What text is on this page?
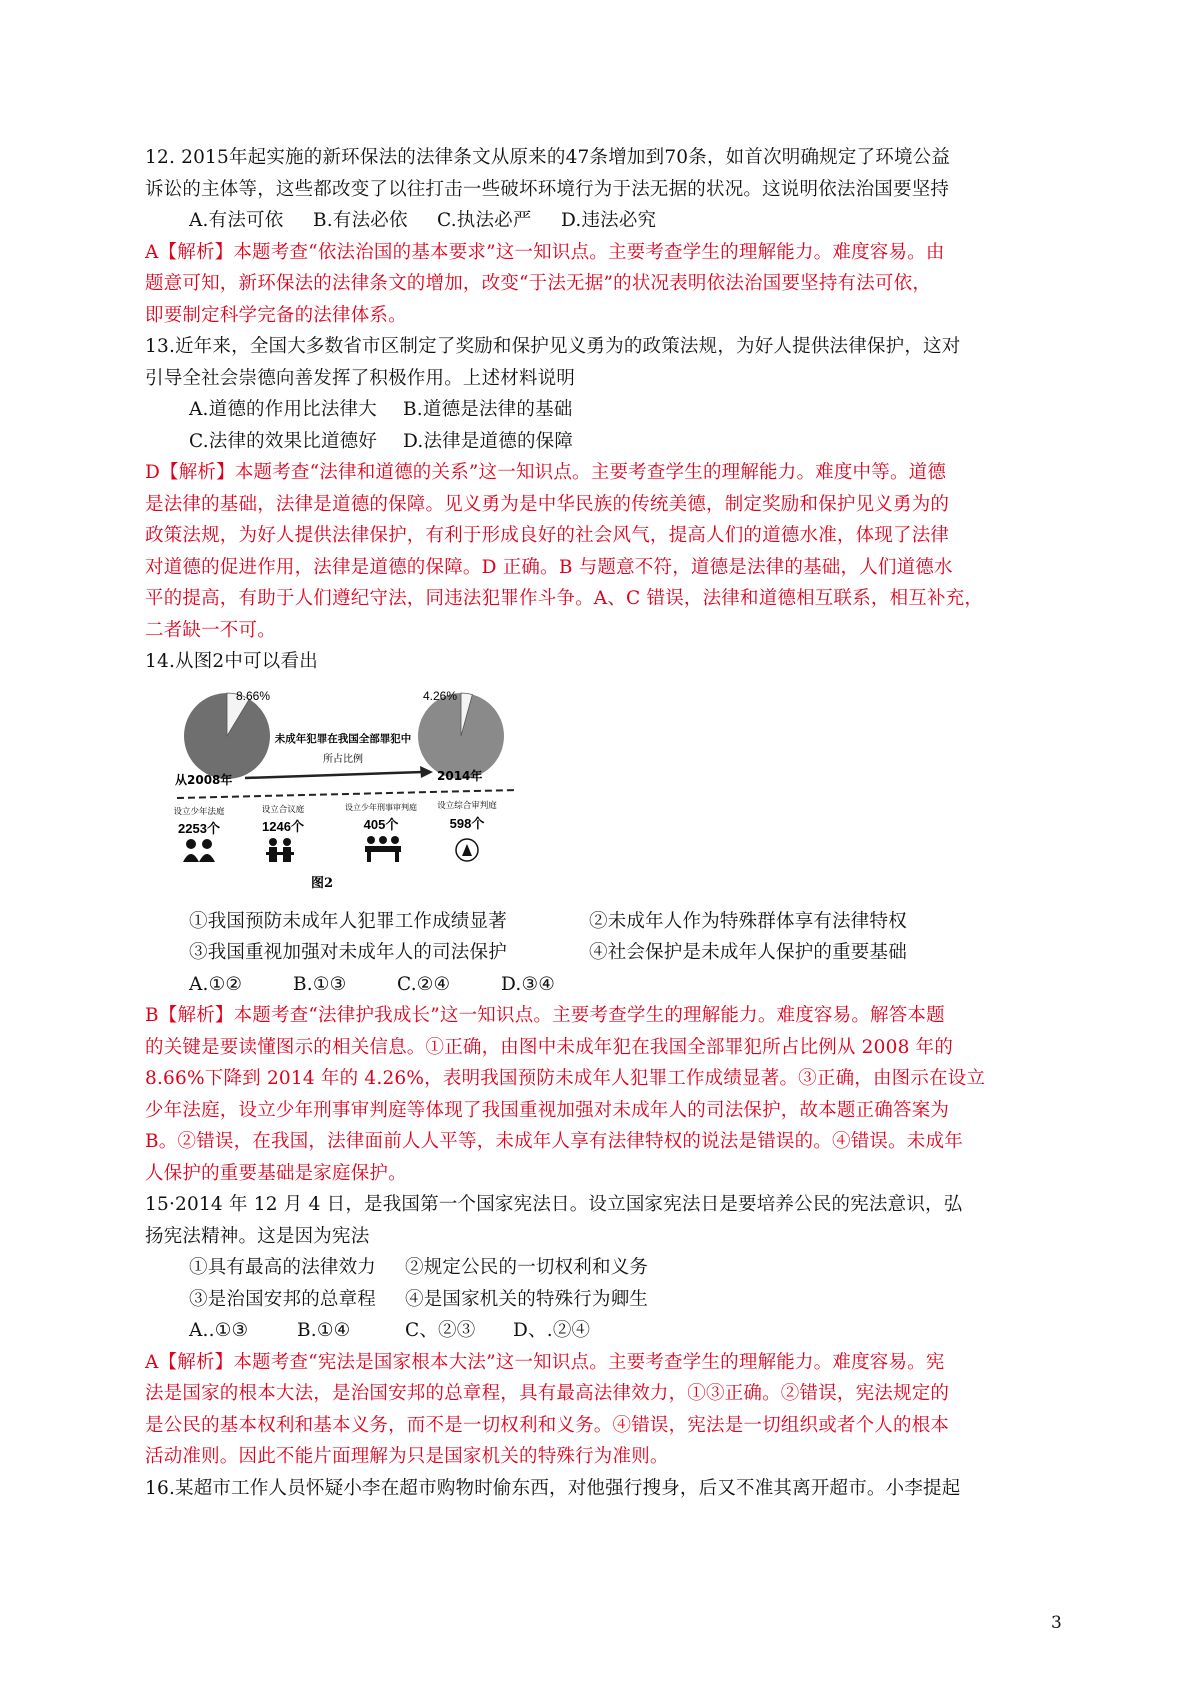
12. 2015年起实施的新环保法的法律条文从原来的47条增加到70条，如首次明确规定了环境公益
诉讼的主体等，这些都改变了以往打击一些破坏环境行为于法无据的状况。这说明依法治国要坚持
A.有法可依	B.有法必依	C.执法必严	D.违法必究
A【解析】本题考查“依法治国的基本要求”这一知识点。主要考查学生的理解能力。难度容易。由
题意可知，新环保法的法律条文的增加，改变“于法无据”的状况表明依法治国要坚持有法可依，
即要制定科学完备的法律体系。
13.近年来，全国大多数省市区制定了奖励和保护见义勇为的政策法规，为好人提供法律保护，这对
引导全社会崇德向善发挥了积极作用。上述材料说明
A.道德的作用比法律大	B.道德是法律的基础
C.法律的效果比道德好	D.法律是道德的保障
D【解析】本题考查“法律和道德的关系”这一知识点。主要考查学生的理解能力。难度中等。道德
是法律的基础，法律是道德的保障。见义勇为是中华民族的传统美德，制定奖励和保护见义勇为的
政策法规，为好人提供法律保护，有利于形成良好的社会风气，提高人们的道德水准，体现了法律
对道德的促进作用，法律是道德的保障。D 正确。B 与题意不符，道德是法律的基础，人们道德水
平的提高，有助于人们遵纪守法，同违法犯罪作斗争。A、C 错误，法律和道德相互联系，相互补充，
二者缺一不可。
14.从图2中可以看出
8.66%	4.26%
未成年犯罪在我国全部罪犯中
所占比例
从2008年	2014年
设立少年法庭
2253个
设立合议庭
1246个
设立少年刑事审判庭
405个
设立综合审判庭
598个
图2
①我国预防未成年人犯罪工作成绩显著	②未成年人作为特殊群体享有法律特权
③我国重视加强对未成年人的司法保护	④社会保护是未成年人保护的重要基础
A.①②	B.①③	C.②④	D.③④
B【解析】本题考查“法律护我成长”这一知识点。主要考查学生的理解能力。难度容易。解答本题
的关键是要读懂图示的相关信息。①正确，由图中未成年犯在我国全部罪犯所占比例从 2008 年的
8.66%下降到 2014 年的 4.26%，表明我国预防未成年人犯罪工作成绩显著。③正确，由图示在设立
少年法庭，设立少年刑事审判庭等体现了我国重视加强对未成年人的司法保护，故本题正确答案为
B。②错误，在我国，法律面前人人平等，未成年人享有法律特权的说法是错误的。④错误。未成年
人保护的重要基础是家庭保护。
15·2014 年 12 月 4 日，是我国第一个国家宪法日。设立国家宪法日是要培养公民的宪法意识，弘
扬宪法精神。这是因为宪法
①具有最高的法律效力	②规定公民的一切权利和义务
③是治国安邦的总章程	④是国家机关的特殊行为卿生
A..①③	B.①④	C、②③	D、.②④
A【解析】本题考查“宪法是国家根本大法”这一知识点。主要考查学生的理解能力。难度容易。宪
法是国家的根本大法，是治国安邦的总章程，具有最高法律效力，①③正确。②错误，宪法规定的
是公民的基本权利和基本义务，而不是一切权利和义务。④错误，宪法是一切组织或者个人的根本
活动准则。因此不能片面理解为只是国家机关的特殊行为准则。
16.某超市工作人员怀疑小李在超市购物时偷东西，对他强行搜身，后又不准其离开超市。小李提起
3
